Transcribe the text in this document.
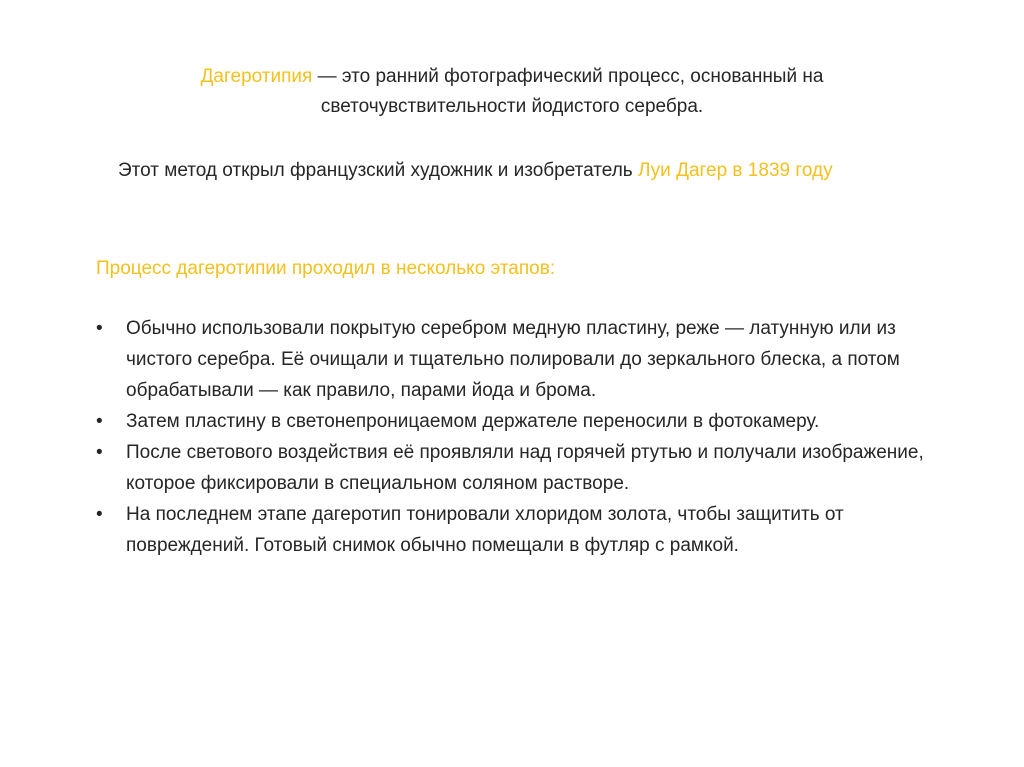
Дагеротипия — это ранний фотографический процесс, основанный на
светочувствительности йодистого серебра.
Этот метод открыл французский художник и изобретатель Луи Дагер в 1839 году
Процесс дагеротипии проходил в несколько этапов:
•	Обычно использовали покрытую серебром медную пластину, реже — латунную или из чистого серебра. Её очищали и тщательно полировали до зеркального блеска, а потом обрабатывали — как правило, парами йода и брома.
•	Затем пластину в светонепроницаемом держателе переносили в фотокамеру.
•	После светового воздействия её проявляли над горячей ртутью и получали изображение, которое фиксировали в специальном соляном растворе.
•	На последнем этапе дагеротип тонировали хлоридом золота, чтобы защитить от повреждений. Готовый снимок обычно помещали в футляр с рамкой.
